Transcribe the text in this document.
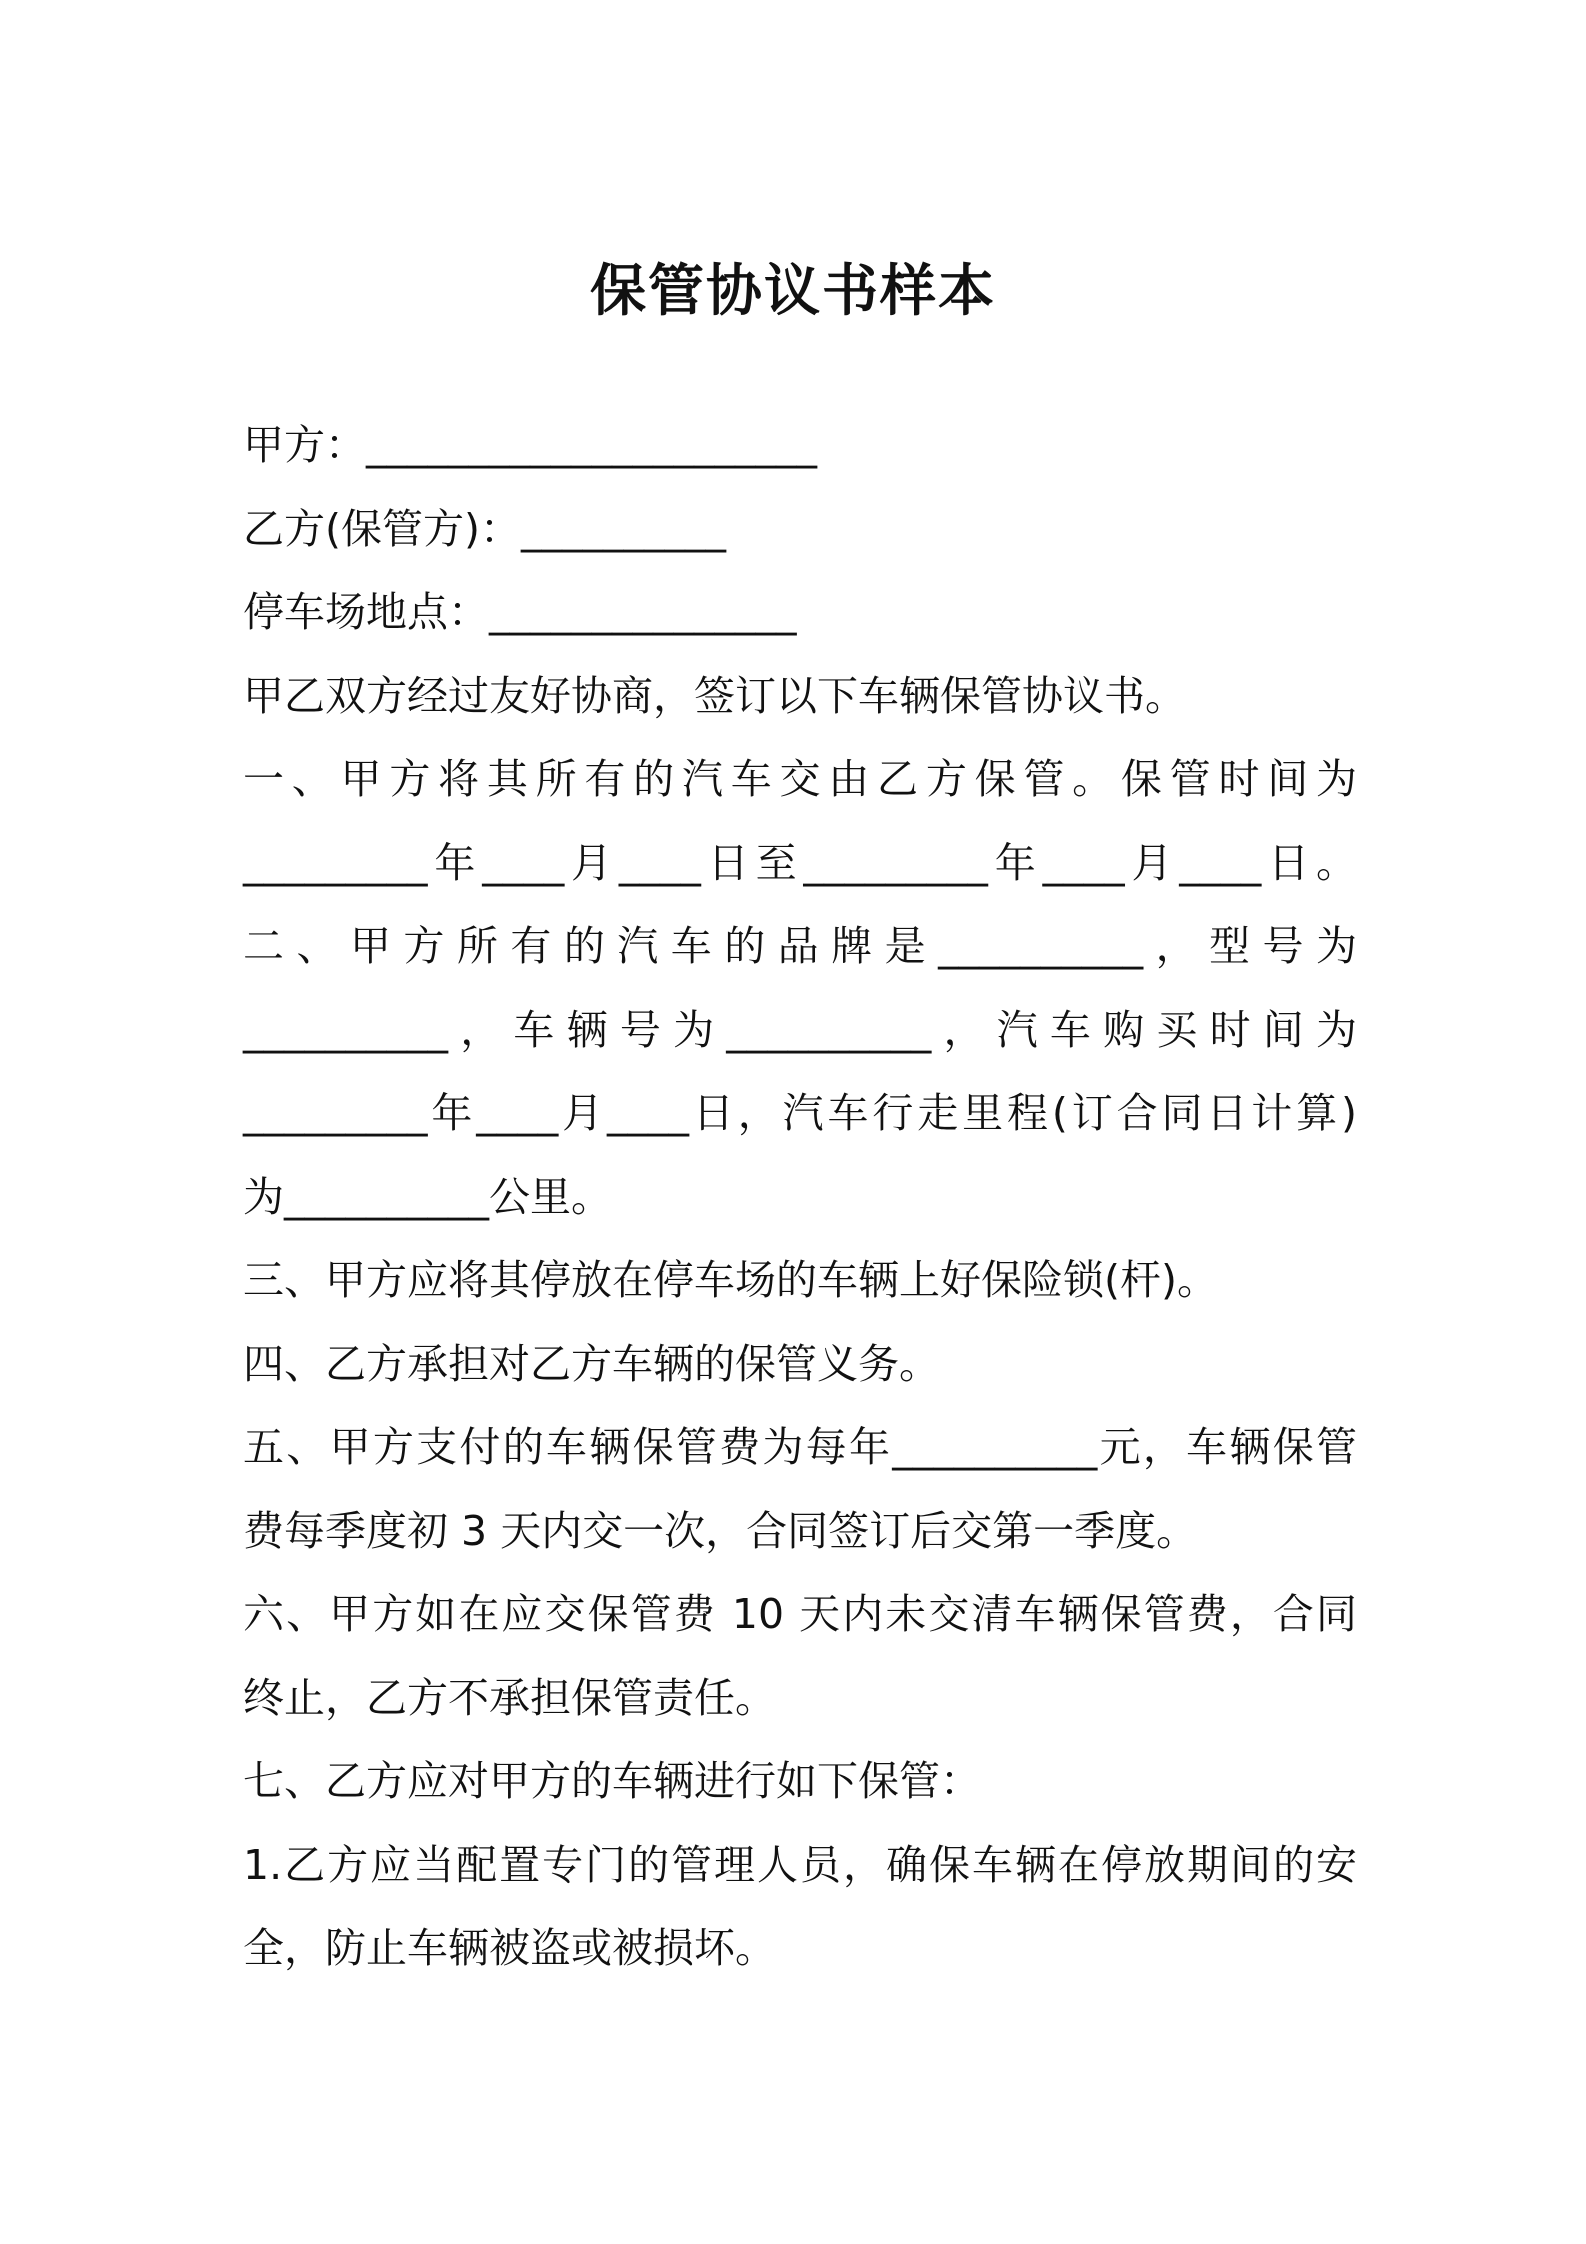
保管协议书样本
甲方：______________________
乙方(保管方)：__________
停车场地点：_______________
甲乙双方经过友好协商，签订以下车辆保管协议书。
一、甲方将其所有的汽车交由乙方保管。保管时间为
_________年____月____日至_________年____月____日。
二、甲方所有的汽车的品牌是__________，型号为
__________，车辆号为__________，汽车购买时间为
_________年____月____日，汽车行走里程(订合同日计算)
为__________公里。
三、甲方应将其停放在停车场的车辆上好保险锁(杆)。
四、乙方承担对乙方车辆的保管义务。
五、甲方支付的车辆保管费为每年__________元，车辆保管
费每季度初 3 天内交一次，合同签订后交第一季度。
六、甲方如在应交保管费 10 天内未交清车辆保管费，合同
终止，乙方不承担保管责任。
七、乙方应对甲方的车辆进行如下保管：
1.乙方应当配置专门的管理人员，确保车辆在停放期间的安
全，防止车辆被盗或被损坏。
